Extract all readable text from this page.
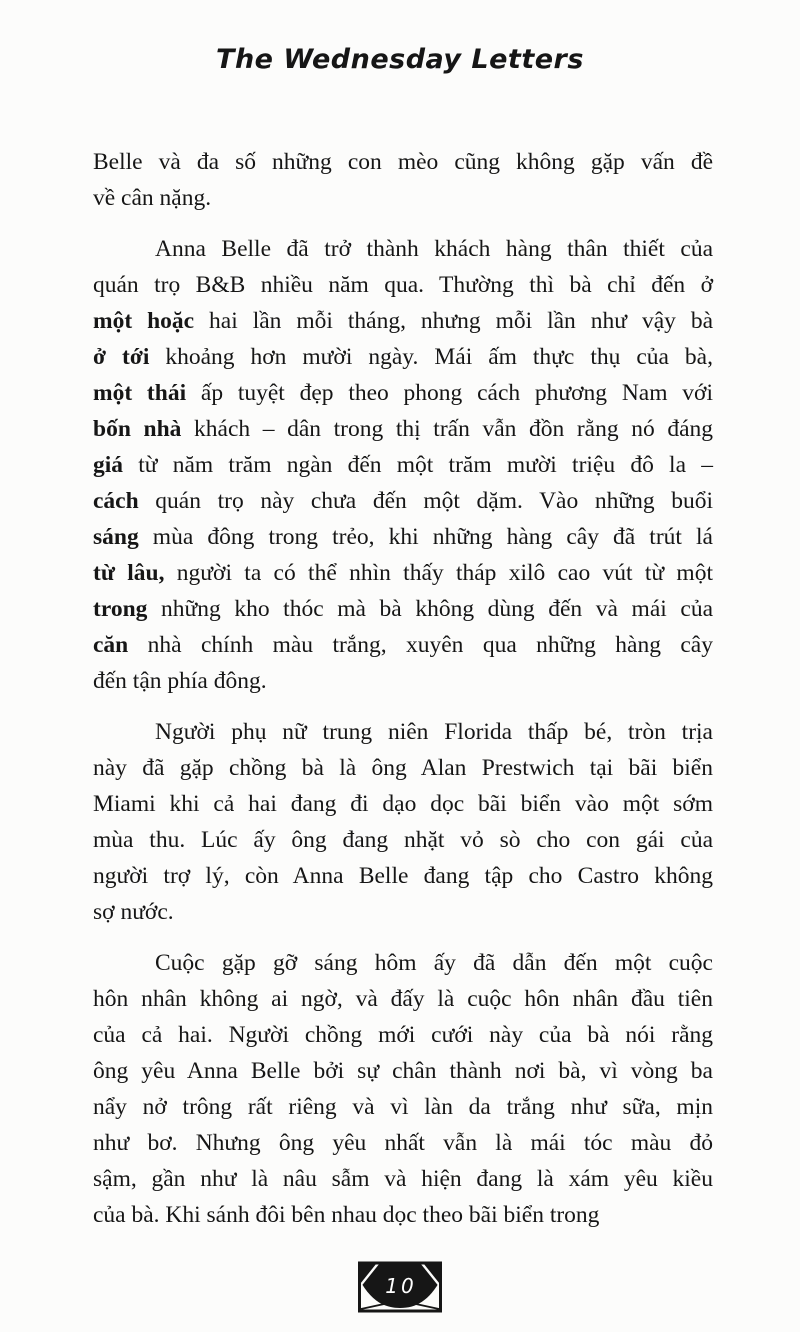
The Wednesday Letters
Belle và đa số những con mèo cũng không gặp vấn đề
về cân nặng.
Anna Belle đã trở thành khách hàng thân thiết của
quán trọ B&B nhiều năm qua. Thường thì bà chỉ đến ở
một hoặc hai lần mỗi tháng, nhưng mỗi lần như vậy bà
ở tới khoảng hơn mười ngày. Mái ấm thực thụ của bà,
một thái ấp tuyệt đẹp theo phong cách phương Nam với
bốn nhà khách – dân trong thị trấn vẫn đồn rằng nó đáng
giá từ năm trăm ngàn đến một trăm mười triệu đô la –
cách quán trọ này chưa đến một dặm. Vào những buổi
sáng mùa đông trong trẻo, khi những hàng cây đã trút lá
từ lâu, người ta có thể nhìn thấy tháp xilô cao vút từ một
trong những kho thóc mà bà không dùng đến và mái của
căn nhà chính màu trắng, xuyên qua những hàng cây
đến tận phía đông.
Người phụ nữ trung niên Florida thấp bé, tròn trịa
này đã gặp chồng bà là ông Alan Prestwich tại bãi biển
Miami khi cả hai đang đi dạo dọc bãi biển vào một sớm
mùa thu. Lúc ấy ông đang nhặt vỏ sò cho con gái của
người trợ lý, còn Anna Belle đang tập cho Castro không
sợ nước.
Cuộc gặp gỡ sáng hôm ấy đã dẫn đến một cuộc
hôn nhân không ai ngờ, và đấy là cuộc hôn nhân đầu tiên
của cả hai. Người chồng mới cưới này của bà nói rằng
ông yêu Anna Belle bởi sự chân thành nơi bà, vì vòng ba
nẩy nở trông rất riêng và vì làn da trắng như sữa, mịn
như bơ. Nhưng ông yêu nhất vẫn là mái tóc màu đỏ
sậm, gần như là nâu sẫm và hiện đang là xám yêu kiều
của bà. Khi sánh đôi bên nhau dọc theo bãi biển trong
10
